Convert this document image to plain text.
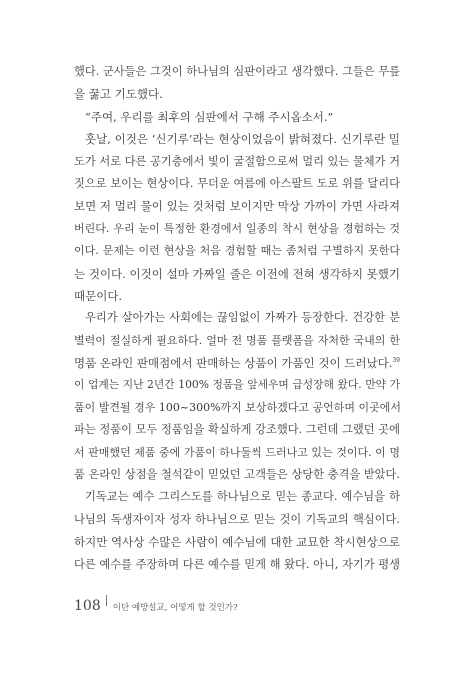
했다. 군사들은 그것이 하나님의 심판이라고 생각했다. 그들은 무릎
을 꿇고 기도했다.
“주여, 우리를 최후의 심판에서 구해 주시옵소서.”
훗날, 이것은 ‘신기루’라는 현상이었음이 밝혀졌다. 신기루란 밀
도가 서로 다른 공기층에서 빛이 굴절함으로써 멀리 있는 물체가 거
짓으로 보이는 현상이다. 무더운 여름에 아스팔트 도로 위를 달리다
보면 저 멀리 물이 있는 것처럼 보이지만 막상 가까이 가면 사라져
버린다. 우리 눈이 특정한 환경에서 일종의 착시 현상을 경험하는 것
이다. 문제는 이런 현상을 처음 경험할 때는 좀처럼 구별하지 못한다
는 것이다. 이것이 설마 가짜일 줄은 이전에 전혀 생각하지 못했기
때문이다.
우리가 살아가는 사회에는 끊임없이 가짜가 등장한다. 건강한 분
별력이 절실하게 필요하다. 얼마 전 명품 플랫폼을 자처한 국내의 한
명품 온라인 판매점에서 판매하는 상품이 가품인 것이 드러났다.$^{39}$
이 업계는 지난 2년간 100% 정품을 앞세우며 급성장해 왔다. 만약 가
품이 발견될 경우 100~300%까지 보상하겠다고 공언하며 이곳에서
파는 정품이 모두 정품임을 확실하게 강조했다. 그런데 그랬던 곳에
서 판매했던 제품 중에 가품이 하나둘씩 드러나고 있는 것이다. 이 명
품 온라인 상점을 철석같이 믿었던 고객들은 상당한 충격을 받았다.
기독교는 예수 그리스도를 하나님으로 믿는 종교다. 예수님을 하
나님의 독생자이자 성자 하나님으로 믿는 것이 기독교의 핵심이다.
하지만 역사상 수많은 사람이 예수님에 대한 교묘한 착시현상으로
다른 예수를 주장하며 다른 예수를 믿게 해 왔다. 아니, 자기가 평생
108 이단 예방설교, 어떻게 할 것인가?
